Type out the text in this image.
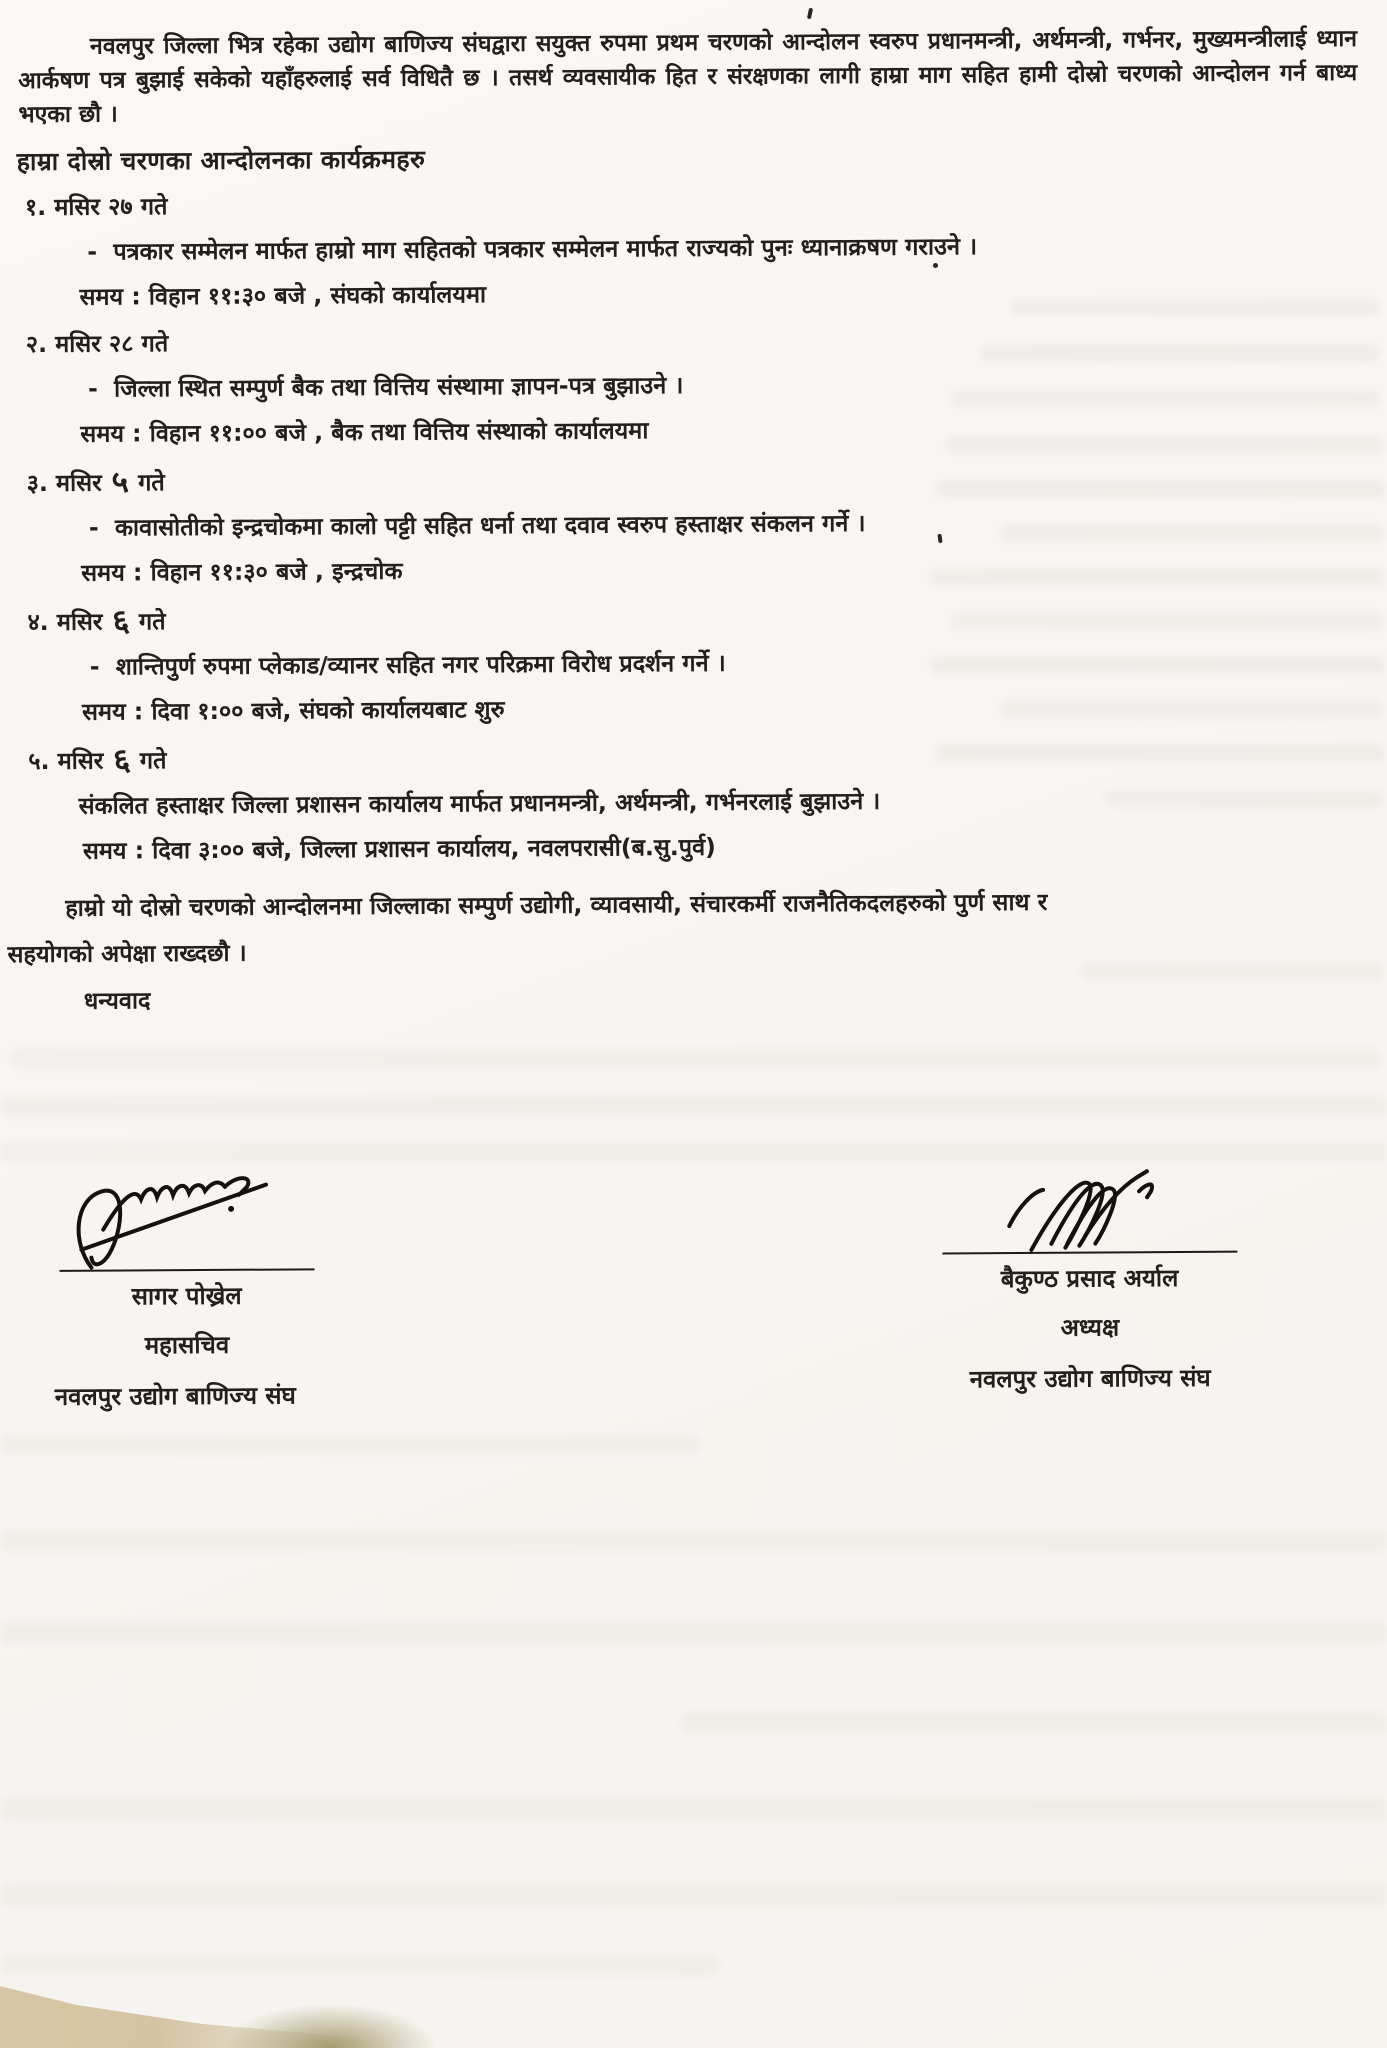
नवलपुर जिल्ला भित्र रहेका उद्योग बाणिज्य संघद्वारा सयुक्त रुपमा प्रथम चरणको आन्दोलन स्वरुप प्रधानमन्त्री, अर्थमन्त्री, गर्भनर, मुख्यमन्त्रीलाई ध्यान आर्कषण पत्र बुझाई सकेको यहाँहरुलाई सर्व विधितै छ । तसर्थ व्यवसायीक हित र संरक्षणका लागी हाम्रा माग सहित हामी दोस्रो चरणको आन्दोलन गर्न बाध्य भएका छौ ।

हाम्रा दोस्रो चरणका आन्दोलनका कार्यक्रमहरु
१. मसिर २७ गते
- पत्रकार सम्मेलन मार्फत हाम्रो माग सहितको पत्रकार सम्मेलन मार्फत राज्यको पुनः ध्यानाक्रषण गराउने ।
समय : विहान ११:३० बजे , संघको कार्यालयमा
२. मसिर २८ गते
- जिल्ला स्थित सम्पुर्ण बैक तथा वित्तिय संस्थामा ज्ञापन-पत्र बुझाउने ।
समय : विहान ११:०० बजे , बैक तथा वित्तिय संस्थाको कार्यालयमा
३. मसिर ५ गते
- कावासोतीको इन्द्रचोकमा कालो पट्टी सहित धर्ना तथा दवाव स्वरुप हस्ताक्षर संकलन गर्ने ।
समय : विहान ११:३० बजे , इन्द्रचोक
४. मसिर ६ गते
- शान्तिपुर्ण रुपमा प्लेकाड/व्यानर सहित नगर परिक्रमा विरोध प्रदर्शन गर्ने ।
समय : दिवा १:०० बजे, संघको कार्यालयबाट शुरु
५. मसिर ६ गते
संकलित हस्ताक्षर जिल्ला प्रशासन कार्यालय मार्फत प्रधानमन्त्री, अर्थमन्त्री, गर्भनरलाई बुझाउने ।
समय : दिवा ३:०० बजे, जिल्ला प्रशासन कार्यालय, नवलपरासी(ब.सु.पुर्व)

हाम्रो यो दोस्रो चरणको आन्दोलनमा जिल्लाका सम्पुर्ण उद्योगी, व्यावसायी, संचारकर्मी राजनैतिकदलहरुको पुर्ण साथ र सहयोगको अपेक्षा राख्दछौ ।

धन्यवाद

सागर पोख्रेल
महासचिव
नवलपुर उद्योग बाणिज्य संघ
बैकुण्ठ प्रसाद अर्याल
अध्यक्ष
नवलपुर उद्योग बाणिज्य संघ
